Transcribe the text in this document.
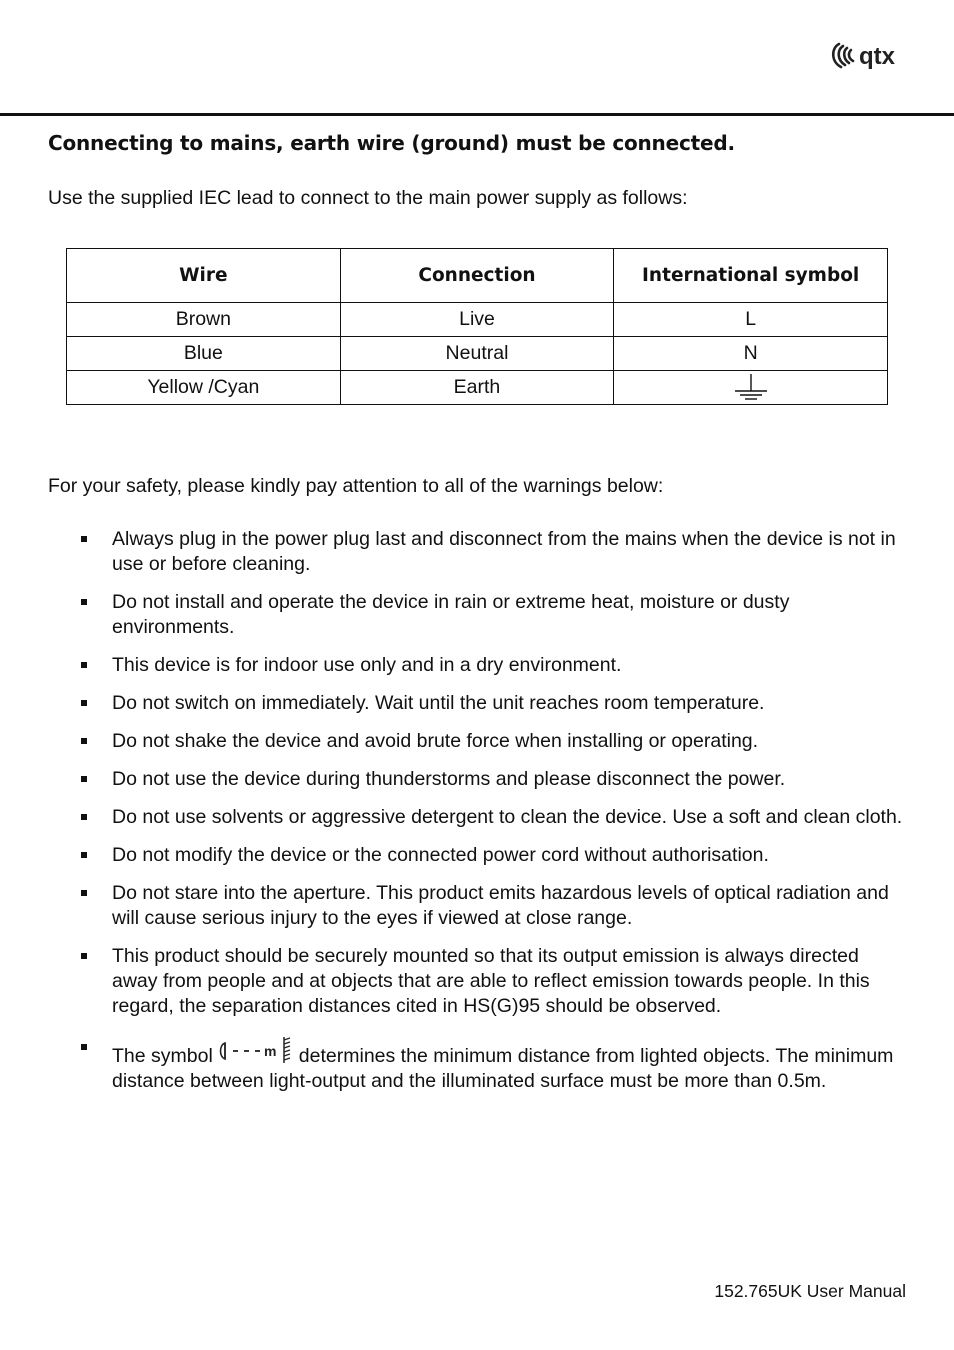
qtx
Connecting to mains, earth wire (ground) must be connected.

Use the supplied IEC lead to connect to the main power supply as follows:

Wire	Connection	International symbol
Brown	Live	L
Blue	Neutral	N
Yellow /Cyan	Earth	

For your safety, please kindly pay attention to all of the warnings below:

Always plug in the power plug last and disconnect from the mains when the device is not in use or before cleaning.
Do not install and operate the device in rain or extreme heat, moisture or dusty environments.
This device is for indoor use only and in a dry environment.
Do not switch on immediately. Wait until the unit reaches room temperature.
Do not shake the device and avoid brute force when installing or operating.
Do not use the device during thunderstorms and please disconnect the power.
Do not use solvents or aggressive detergent to clean the device. Use a soft and clean cloth.
Do not modify the device or the connected power cord without authorisation.
Do not stare into the aperture. This product emits hazardous levels of optical radiation and will cause serious injury to the eyes if viewed at close range.
This product should be securely mounted so that its output emission is always directed away from people and at objects that are able to reflect emission towards people. In this regard, the separation distances cited in HS(G)95 should be observed.
The symbol	m determines the minimum distance from lighted objects. The minimum distance between light-output and the illuminated surface must be more than 0.5m.
152.765UK User Manual
